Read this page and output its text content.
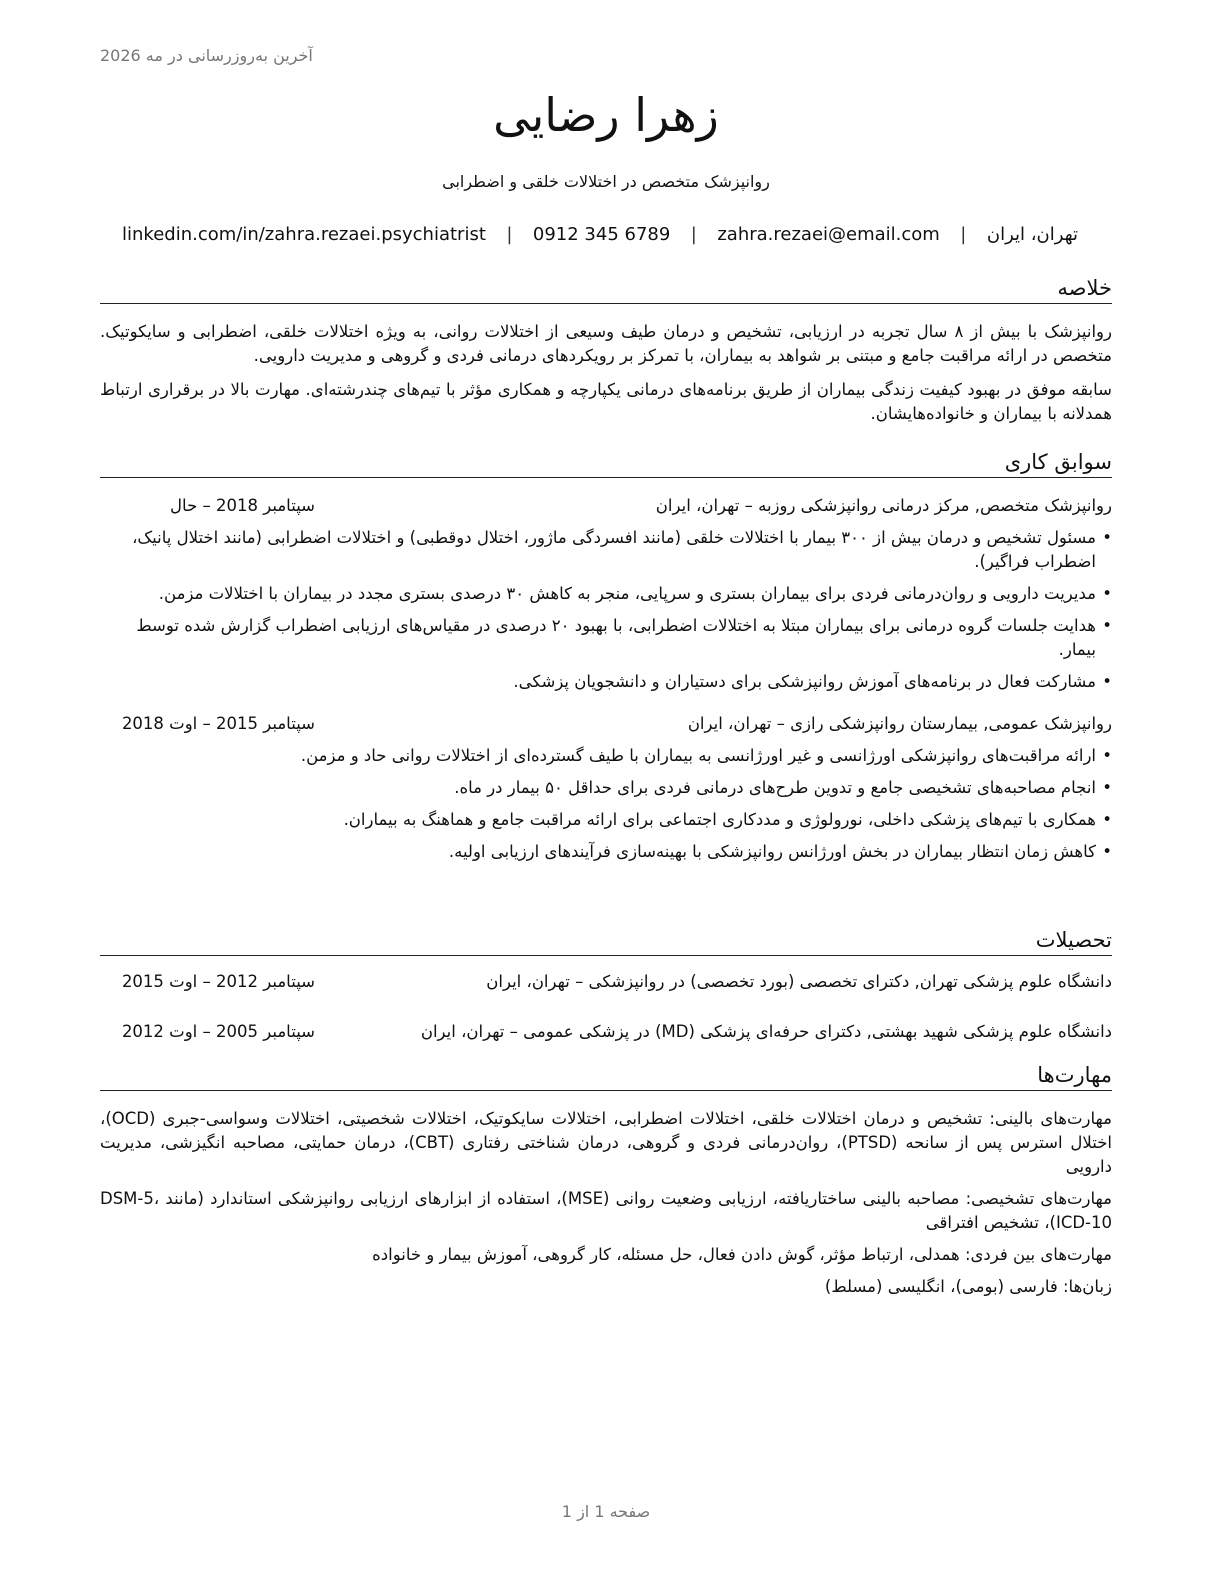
آخرین به‌روزرسانی در مه 2026
زهرا رضایی
روانپزشک متخصص در اختلالات خلقی و اضطرابی
تهران، ایران
|
zahra.rezaei@email.com
|
0912 345 6789
|
linkedin.com/in/zahra.rezaei.psychiatrist
خلاصه

روانپزشک با بیش از ۸ سال تجربه در ارزیابی، تشخیص و درمان طیف وسیعی از اختلالات روانی، به ویژه اختلالات خلقی، اضطرابی و سایکوتیک. متخصص در ارائه مراقبت جامع و مبتنی بر شواهد به بیماران، با تمرکز بر رویکردهای درمانی فردی و گروهی و مدیریت دارویی.

سابقه موفق در بهبود کیفیت زندگی بیماران از طریق برنامه‌های درمانی یکپارچه و همکاری مؤثر با تیم‌های چندرشته‌ای. مهارت بالا در برقراری ارتباط همدلانه با بیماران و خانواده‌هایشان.

سوابق کاری
روانپزشک متخصص, مرکز درمانی روانپزشکی روزبه – تهران، ایران
سپتامبر 2018 – حال
• مسئول تشخیص و درمان بیش از ۳۰۰ بیمار با اختلالات خلقی (مانند افسردگی ماژور، اختلال دوقطبی) و اختلالات اضطرابی (مانند اختلال پانیک، اضطراب فراگیر).
• مدیریت دارویی و روان‌درمانی فردی برای بیماران بستری و سرپایی، منجر به کاهش ۳۰ درصدی بستری مجدد در بیماران با اختلالات مزمن.
• هدایت جلسات گروه درمانی برای بیماران مبتلا به اختلالات اضطرابی، با بهبود ۲۰ درصدی در مقیاس‌های ارزیابی اضطراب گزارش شده توسط بیمار.
• مشارکت فعال در برنامه‌های آموزش روانپزشکی برای دستیاران و دانشجویان پزشکی.
روانپزشک عمومی, بیمارستان روانپزشکی رازی – تهران، ایران
سپتامبر 2015 – اوت 2018
• ارائه مراقبت‌های روانپزشکی اورژانسی و غیر اورژانسی به بیماران با طیف گسترده‌ای از اختلالات روانی حاد و مزمن.
• انجام مصاحبه‌های تشخیصی جامع و تدوین طرح‌های درمانی فردی برای حداقل ۵۰ بیمار در ماه.
• همکاری با تیم‌های پزشکی داخلی، نورولوژی و مددکاری اجتماعی برای ارائه مراقبت جامع و هماهنگ به بیماران.
• کاهش زمان انتظار بیماران در بخش اورژانس روانپزشکی با بهینه‌سازی فرآیندهای ارزیابی اولیه.
تحصیلات
دانشگاه علوم پزشکی تهران, دکترای تخصصی (بورد تخصصی) در روانپزشکی – تهران، ایران
سپتامبر 2012 – اوت 2015
دانشگاه علوم پزشکی شهید بهشتی, دکترای حرفه‌ای پزشکی (MD) در پزشکی عمومی – تهران، ایران
سپتامبر 2005 – اوت 2012
مهارت‌ها

مهارت‌های بالینی: تشخیص و درمان اختلالات خلقی، اختلالات اضطرابی، اختلالات سایکوتیک، اختلالات شخصیتی، اختلالات وسواسی-جبری (OCD)، اختلال استرس پس از سانحه (PTSD)، روان‌درمانی فردی و گروهی، درمان شناختی رفتاری (CBT)، درمان حمایتی، مصاحبه انگیزشی، مدیریت دارویی

مهارت‌های تشخیصی: مصاحبه بالینی ساختاریافته، ارزیابی وضعیت روانی (MSE)، استفاده از ابزارهای ارزیابی روانپزشکی استاندارد (مانند DSM-5، ICD-10)، تشخیص افتراقی

مهارت‌های بین فردی: همدلی، ارتباط مؤثر، گوش دادن فعال، حل مسئله، کار گروهی، آموزش بیمار و خانواده

زبان‌ها: فارسی (بومی)، انگلیسی (مسلط)

صفحه 1 از 1
